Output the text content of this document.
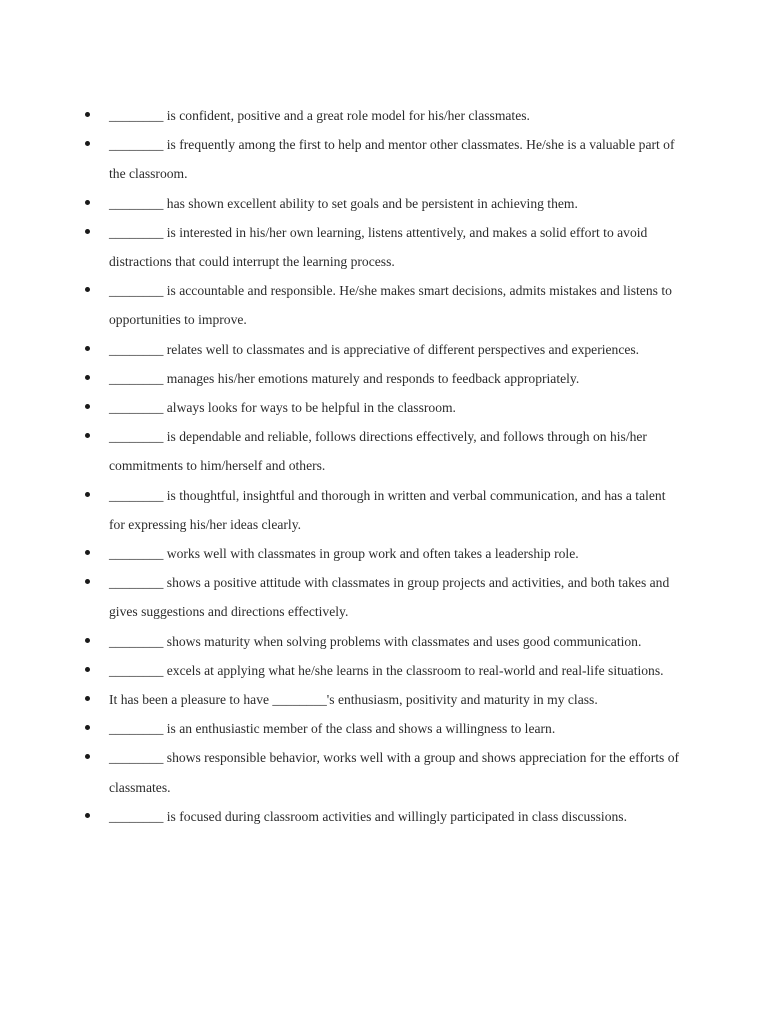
________ is confident, positive and a great role model for his/her classmates.
________ is frequently among the first to help and mentor other classmates. He/she is a valuable part of the classroom.
________ has shown excellent ability to set goals and be persistent in achieving them.
________ is interested in his/her own learning, listens attentively, and makes a solid effort to avoid distractions that could interrupt the learning process.
________ is accountable and responsible. He/she makes smart decisions, admits mistakes and listens to opportunities to improve.
________ relates well to classmates and is appreciative of different perspectives and experiences.
________ manages his/her emotions maturely and responds to feedback appropriately.
________ always looks for ways to be helpful in the classroom.
________ is dependable and reliable, follows directions effectively, and follows through on his/her commitments to him/herself and others.
________ is thoughtful, insightful and thorough in written and verbal communication, and has a talent for expressing his/her ideas clearly.
________ works well with classmates in group work and often takes a leadership role.
________ shows a positive attitude with classmates in group projects and activities, and both takes and gives suggestions and directions effectively.
________ shows maturity when solving problems with classmates and uses good communication.
________ excels at applying what he/she learns in the classroom to real-world and real-life situations.
It has been a pleasure to have ________'s enthusiasm, positivity and maturity in my class.
________ is an enthusiastic member of the class and shows a willingness to learn.
________ shows responsible behavior, works well with a group and shows appreciation for the efforts of classmates.
________ is focused during classroom activities and willingly participated in class discussions.
